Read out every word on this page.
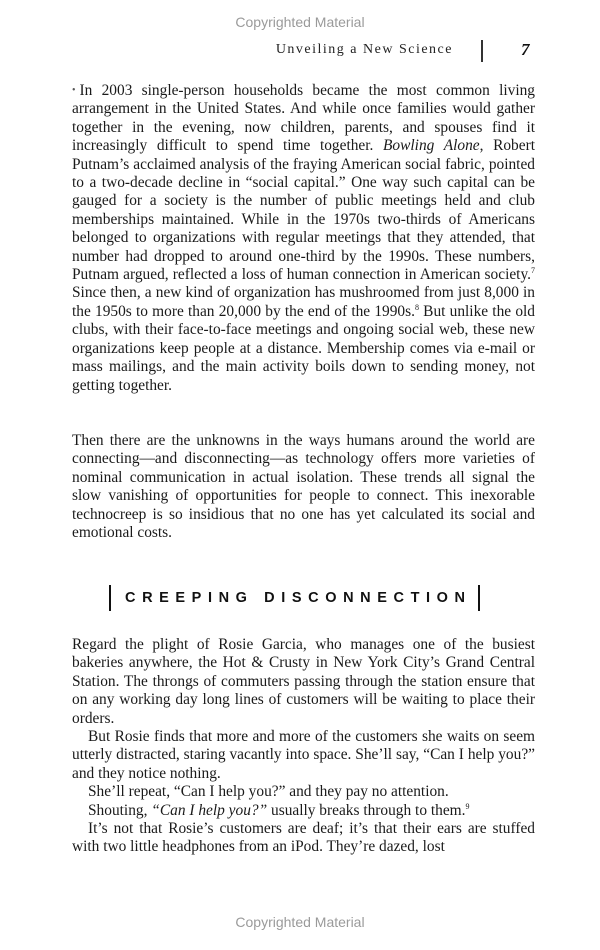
Copyrighted Material
Unveiling a New Science	7

• In 2003 single-person households became the most common living arrangement in the United States. And while once families would gather together in the evening, now children, parents, and spouses find it increasingly difficult to spend time together. Bowling Alone, Robert Putnam’s acclaimed analysis of the fraying American social fabric, pointed to a two-decade decline in “social capital.” One way such capital can be gauged for a society is the number of public meetings held and club memberships maintained. While in the 1970s two-thirds of Americans belonged to organizations with regular meetings that they attended, that number had dropped to around one-third by the 1990s. These numbers, Putnam argued, reflected a loss of human connection in American society.$^7$ Since then, a new kind of organization has mushroomed from just 8,000 in the 1950s to more than 20,000 by the end of the 1990s.$^8$ But unlike the old clubs, with their face-to-face meetings and ongoing social web, these new organizations keep people at a distance. Membership comes via e-mail or mass mailings, and the main activity boils down to sending money, not getting together.

Then there are the unknowns in the ways humans around the world are connecting—and disconnecting—as technology offers more varieties of nominal communication in actual isolation. These trends all signal the slow vanishing of opportunities for people to connect. This inexorable technocreep is so insidious that no one has yet calculated its social and emotional costs.

CREEPING DISCONNECTION

Regard the plight of Rosie Garcia, who manages one of the busiest bakeries anywhere, the Hot & Crusty in New York City’s Grand Central Station. The throngs of commuters passing through the station ensure that on any working day long lines of customers will be waiting to place their orders.

But Rosie finds that more and more of the customers she waits on seem utterly distracted, staring vacantly into space. She’ll say, “Can I help you?” and they notice nothing.

She’ll repeat, “Can I help you?” and they pay no attention.

Shouting, “Can I help you?” usually breaks through to them.$^9$

It’s not that Rosie’s customers are deaf; it’s that their ears are stuffed with two little headphones from an iPod. They’re dazed, lost

Copyrighted Material
